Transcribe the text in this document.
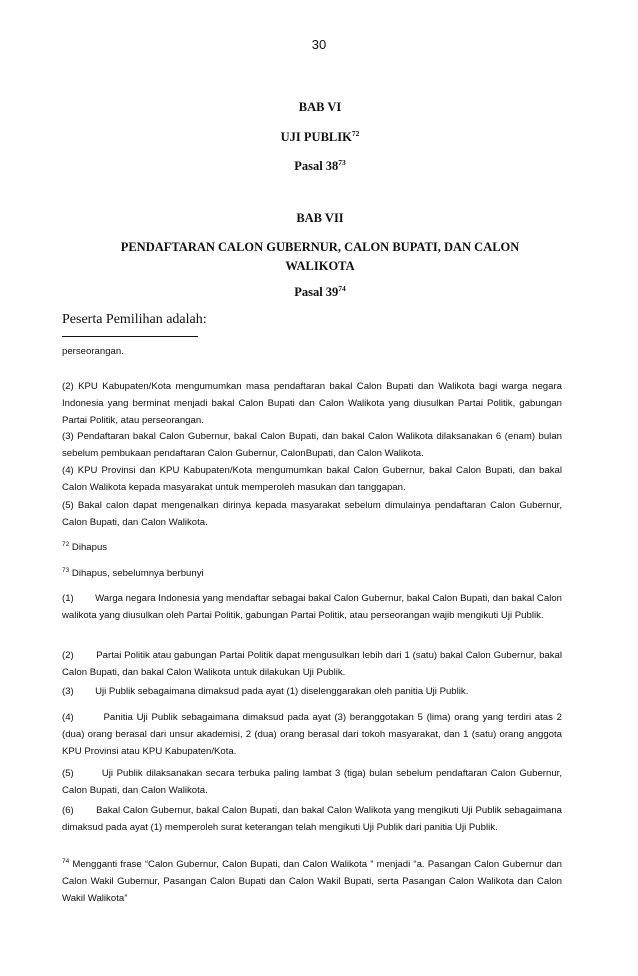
30
BAB VI
UJI PUBLIK$^{72}$
Pasal $38^{73}$
BAB VII
PENDAFTARAN CALON GUBERNUR, CALON BUPATI, DAN CALON
WALIKOTA
Pasal $39^{74}$
Peserta Pemilihan adalah:
perseorangan.
(2) KPU Kabupaten/Kota mengumumkan masa pendaftaran bakal Calon Bupati dan Walikota bagi warga negara Indonesia yang berminat menjadi bakal Calon Bupati dan Calon Walikota yang diusulkan Partai Politik, gabungan Partai Politik, atau perseorangan.
(3) Pendaftaran bakal Calon Gubernur, bakal Calon Bupati, dan bakal Calon Walikota dilaksanakan 6 (enam) bulan sebelum pembukaan pendaftaran Calon Gubernur, CalonBupati, dan Calon Walikota.
(4) KPU Provinsi dan KPU Kabupaten/Kota mengumumkan bakal Calon Gubernur, bakal Calon Bupati, dan bakal Calon Walikota kepada masyarakat untuk memperoleh masukan dan tanggapan.
(5) Bakal calon dapat mengenalkan dirinya kepada masyarakat sebelum dimulainya pendaftaran Calon Gubernur, Calon Bupati, dan Calon Walikota.
$^{72}$ Dihapus
$^{73}$ Dihapus, sebelumnya berbunyi
(1) Warga negara Indonesia yang mendaftar sebagai bakal Calon Gubernur, bakal Calon Bupati, dan bakal Calon walikota yang diusulkan oleh Partai Politik, gabungan Partai Politik, atau perseorangan wajib mengikuti Uji Publik.
(2) Partai Politik atau gabungan Partai Politik dapat mengusulkan lebih dari 1 (satu) bakal Calon Gubernur, bakal Calon Bupati, dan bakal Calon Walikota untuk dilakukan Uji Publik.
(3) Uji Publik sebagaimana dimaksud pada ayat (1) diselenggarakan oleh panitia Uji Publik.
(4)	Panitia Uji Publik sebagaimana dimaksud pada ayat (3) beranggotakan 5 (lima) orang yang terdiri atas 2 (dua) orang berasal dari unsur akademisi, 2 (dua) orang berasal dari tokoh masyarakat, dan 1 (satu) orang anggota KPU Provinsi atau KPU Kabupaten/Kota.
(5)	Uji Publik dilaksanakan secara terbuka paling lambat 3 (tiga) bulan sebelum pendaftaran Calon Gubernur, Calon Bupati, dan Calon Walikota.
(6) Bakal Calon Gubernur, bakal Calon Bupati, dan bakal Calon Walikota yang mengikuti Uji Publik sebagaimana dimaksud pada ayat (1) memperoleh surat keterangan telah mengikuti Uji Publik dari panitia Uji Publik.
$^{74}$ Mengganti frase “Calon Gubernur, Calon Bupati, dan Calon Walikota ” menjadi “a. Pasangan Calon Gubernur dan Calon Wakil Gubernur, Pasangan Calon Bupati dan Calon Wakil Bupati, serta Pasangan Calon Walikota dan Calon Wakil Walikota”
